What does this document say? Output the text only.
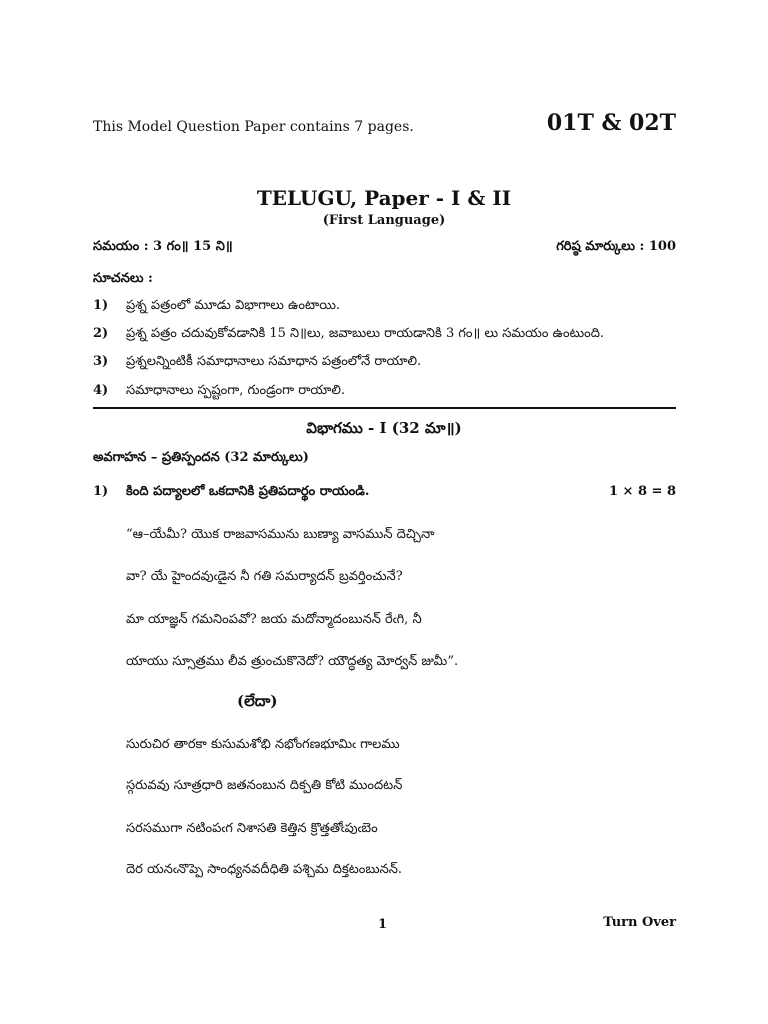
This Model Question Paper contains 7 pages.	01T & 02T
TELUGU, Paper - I & II
(First Language)
సమయం : 3 గం॥ 15 ని॥	గరిష్ఠ మార్కులు : 100
సూచనలు :
1) ప్రశ్న పత్రంలో మూడు విభాగాలు ఉంటాయి.
2) ప్రశ్న పత్రం చదువుకోవడానికి 15 ని॥లు, జవాబులు రాయడానికి 3 గం॥ లు సమయం ఉంటుంది.
3) ప్రశ్నలన్నింటికీ సమాధానాలు సమాధాన పత్రంలోనే రాయాలి.
4) సమాధానాలు స్పష్టంగా, గుండ్రంగా రాయాలి.
విభాగము - I (32 మా॥)
అవగాహన – ప్రతిస్పందన (32 మార్కులు)
1) కింది పద్యాలలో ఒకదానికి ప్రతిపదార్థం రాయండి.	1 × 8 = 8
“ఆ–యేమీ? యొక రాజవాసమును బుణ్యా వాసమున్ దెచ్చినా
వా? యే హైందవుఁడైన నీ గతి సమర్యాదన్ బ్రవర్తించునే?
మా యాజ్ఞన్ గమనింపవో? జయ మదోన్మాదంబునన్ రేఁగి, నీ
యాయు స్సూత్రము లీవ త్రుంచుకొనెదో? యౌద్ధత్య మోర్వన్ జుమీ”.
(లేదా)
సురుచిర తారకా కుసుమశోభి నభోంగణభూమిఁ గాలము
స్గరువవు సూత్రధారి జతనంబున దిక్పతి కోటి ముందటన్
సరసముగా నటింపఁగ నిశాసతి కెత్తిన క్రొత్తతోఁపుఁబెం
దెర యనఁనొప్పె సాంధ్యనవదీధితి పశ్చిమ దిక్తటంబునన్.
1	Turn Over
